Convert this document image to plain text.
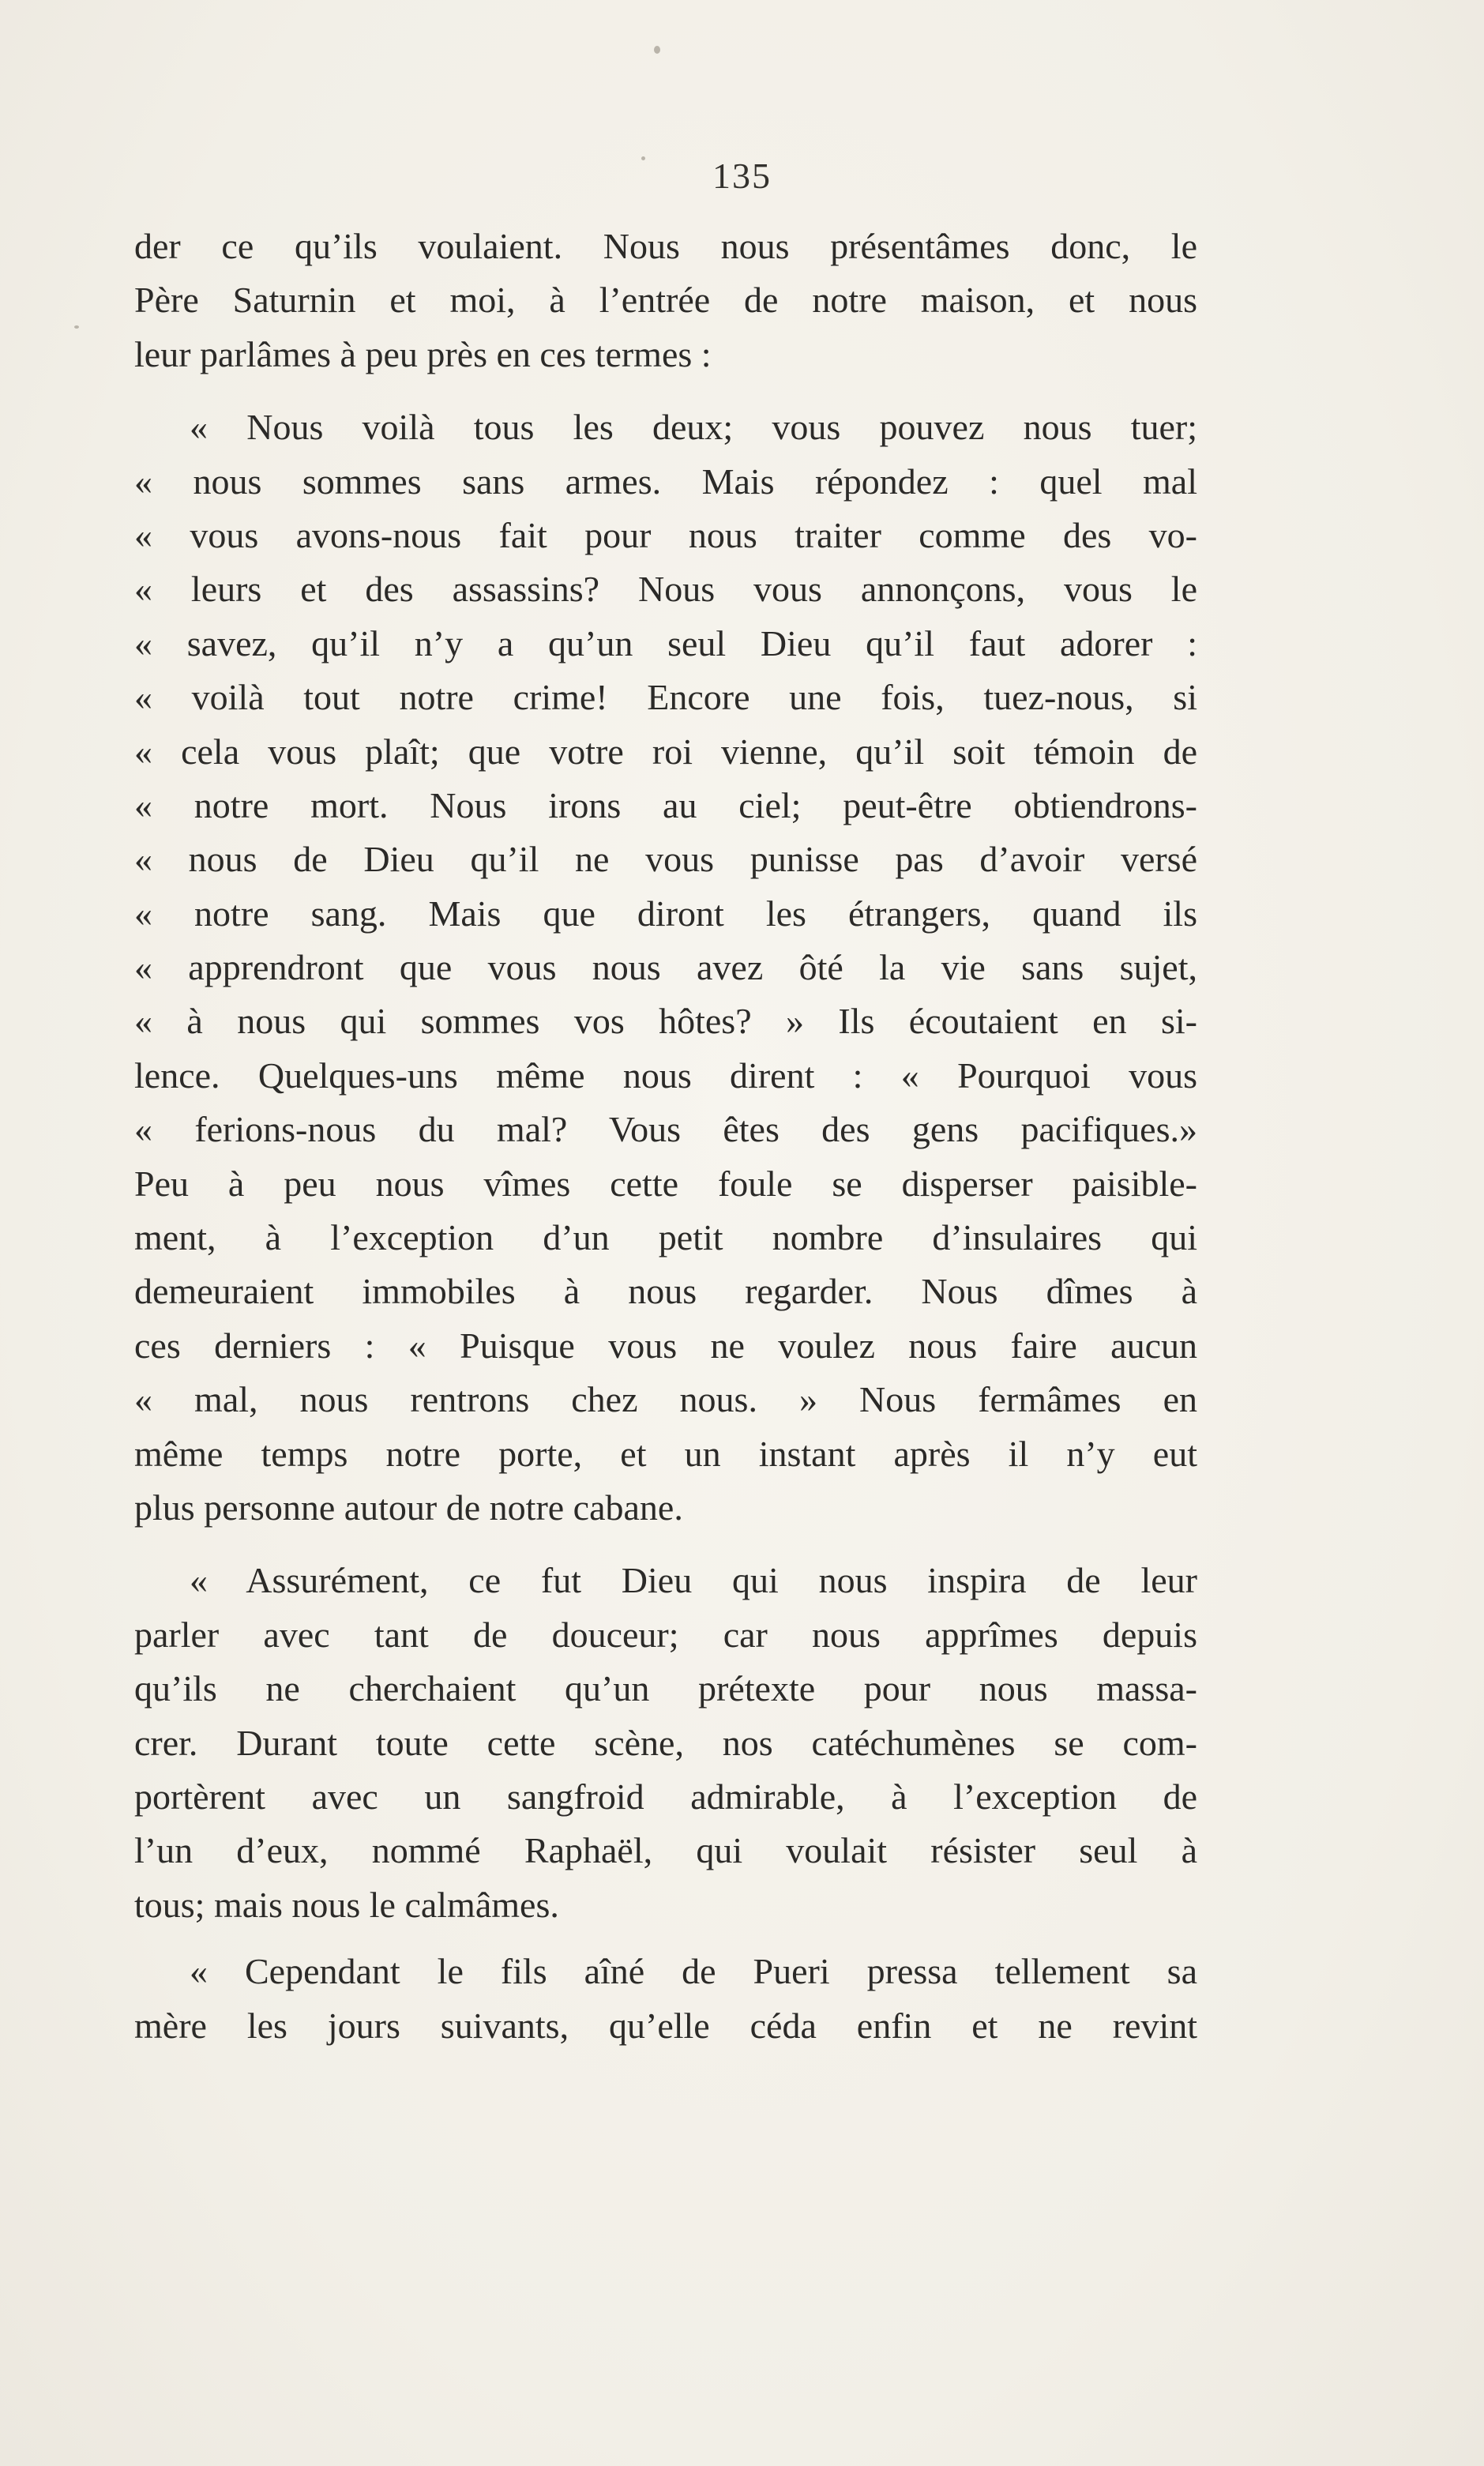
135
der ce qu’ils voulaient. Nous nous présentâmes donc, le
Père Saturnin et moi, à l’entrée de notre maison, et nous
leur parlâmes à peu près en ces termes :
« Nous voilà tous les deux; vous pouvez nous tuer;
« nous sommes sans armes. Mais répondez : quel mal
« vous avons-nous fait pour nous traiter comme des vo-
« leurs et des assassins? Nous vous annonçons, vous le
« savez, qu’il n’y a qu’un seul Dieu qu’il faut adorer :
« voilà tout notre crime! Encore une fois, tuez-nous, si
« cela vous plaît; que votre roi vienne, qu’il soit témoin de
« notre mort. Nous irons au ciel; peut-être obtiendrons-
« nous de Dieu qu’il ne vous punisse pas d’avoir versé
« notre sang. Mais que diront les étrangers, quand ils
« apprendront que vous nous avez ôté la vie sans sujet,
« à nous qui sommes vos hôtes? » Ils écoutaient en si-
lence. Quelques-uns même nous dirent : « Pourquoi vous
« ferions-nous du mal? Vous êtes des gens pacifiques.»
Peu à peu nous vîmes cette foule se disperser paisible-
ment, à l’exception d’un petit nombre d’insulaires qui
demeuraient immobiles à nous regarder. Nous dîmes à
ces derniers : « Puisque vous ne voulez nous faire aucun
« mal, nous rentrons chez nous. » Nous fermâmes en
même temps notre porte, et un instant après il n’y eut
plus personne autour de notre cabane.
« Assurément, ce fut Dieu qui nous inspira de leur
parler avec tant de douceur; car nous apprîmes depuis
qu’ils ne cherchaient qu’un prétexte pour nous massa-
crer. Durant toute cette scène, nos catéchumènes se com-
portèrent avec un sangfroid admirable, à l’exception de
l’un d’eux, nommé Raphaël, qui voulait résister seul à
tous; mais nous le calmâmes.
« Cependant le fils aîné de Pueri pressa tellement sa
mère les jours suivants, qu’elle céda enfin et ne revint
